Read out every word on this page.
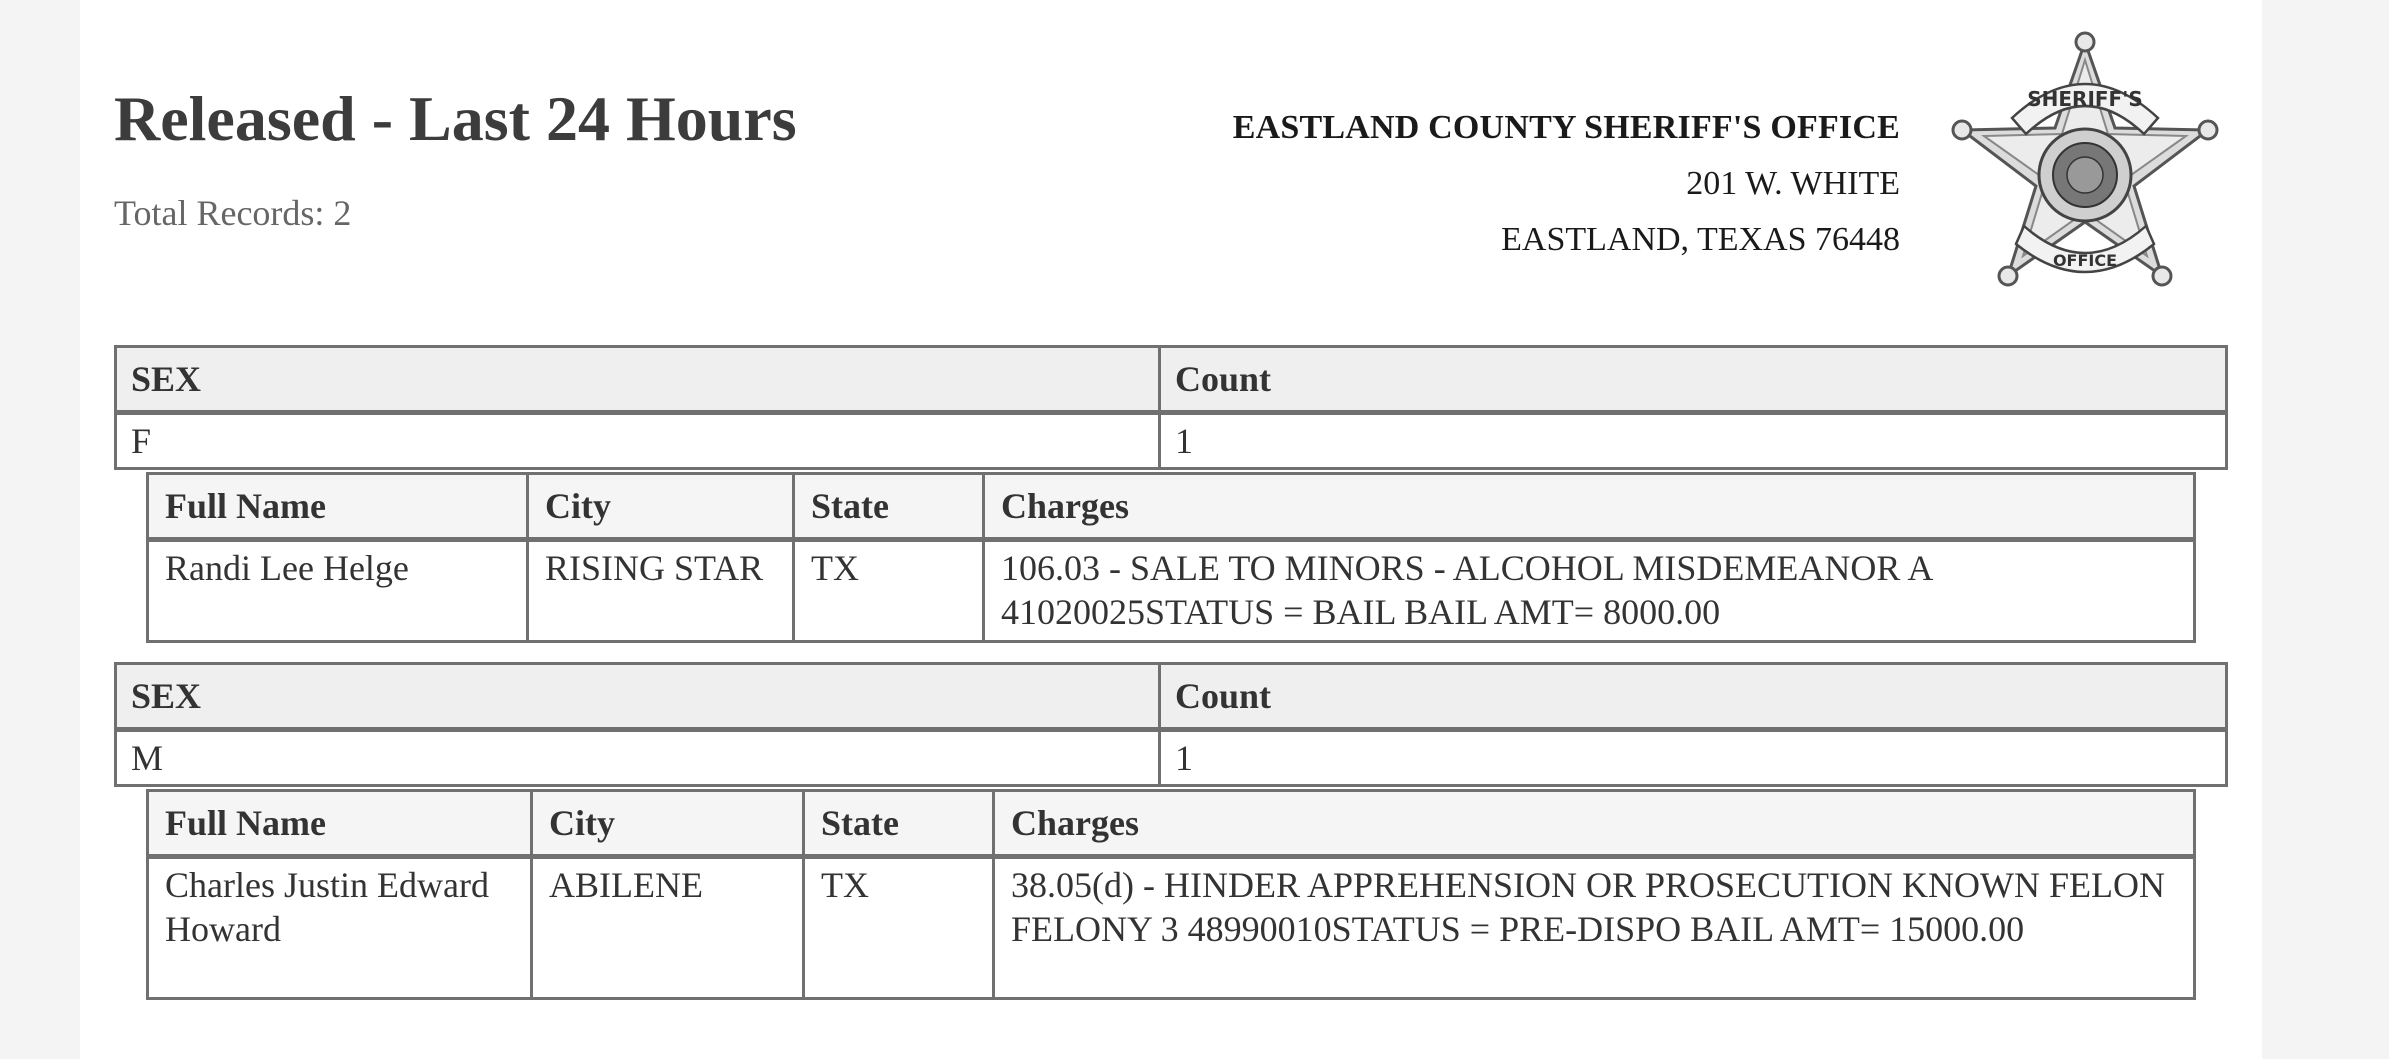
Released - Last 24 Hours
Total Records: 2
EASTLAND COUNTY SHERIFF'S OFFICE
201 W. WHITE
EASTLAND, TEXAS 76448
SHERIFF'S
OFFICE
SEX	Count
F	1
Full Name	City	State	Charges
Randi Lee Helge	RISING STAR	TX	106.03 - SALE TO MINORS - ALCOHOL MISDEMEANOR A 41020025STATUS = BAIL BAIL AMT= 8000.00
SEX	Count
M	1
Full Name	City	State	Charges
Charles Justin Edward Howard	ABILENE	TX	38.05(d) - HINDER APPREHENSION OR PROSECUTION KNOWN FELON FELONY 3 48990010STATUS = PRE-DISPO BAIL AMT= 15000.00
